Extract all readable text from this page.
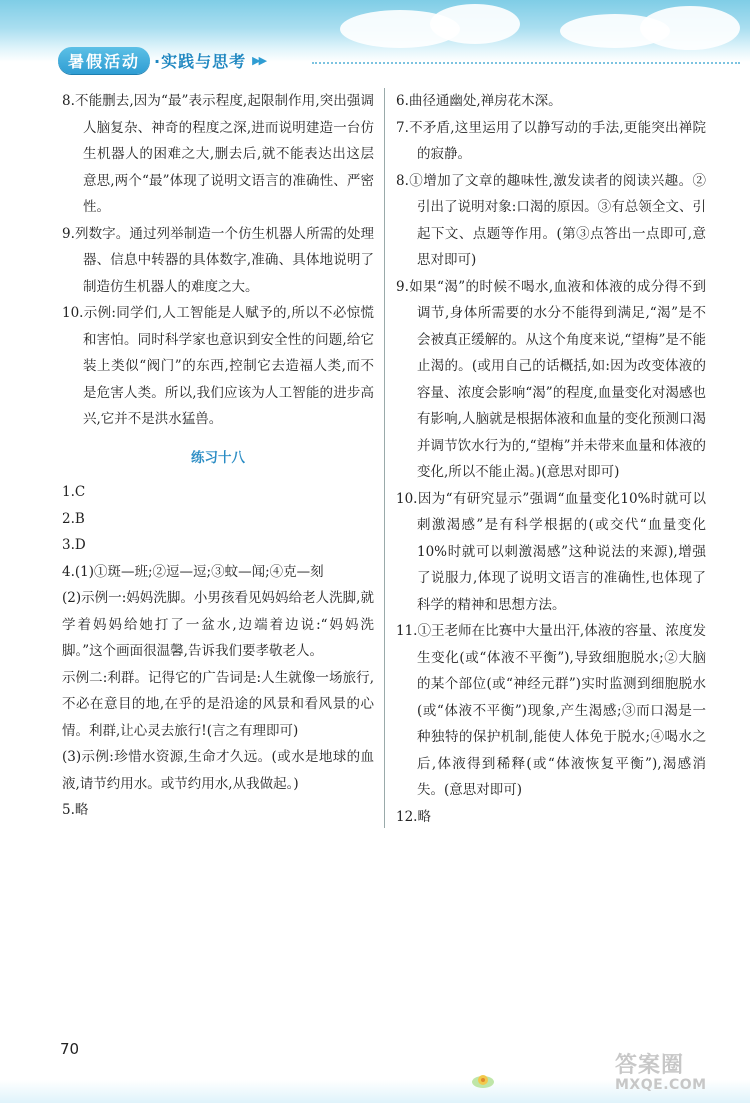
暑假活动 ·实践与思考 ▶▶

8.不能删去,因为“最”表示程度,起限制作用,突出强调人脑复杂、神奇的程度之深,进而说明建造一台仿生机器人的困难之大,删去后,就不能表达出这层意思,两个“最”体现了说明文语言的准确性、严密性。

9.列数字。通过列举制造一个仿生机器人所需的处理器、信息中转器的具体数字,准确、具体地说明了制造仿生机器人的难度之大。

10.示例:同学们,人工智能是人赋予的,所以不必惊慌和害怕。同时科学家也意识到安全性的问题,给它装上类似“阀门”的东西,控制它去造福人类,而不是危害人类。所以,我们应该为人工智能的进步高兴,它并不是洪水猛兽。

练习十八

1.C

2.B

3.D

4.(1)①斑—班;②逗—逗;③蚊—闻;④克—刻

(2)示例一:妈妈洗脚。小男孩看见妈妈给老人洗脚,就学着妈妈给她打了一盆水,边端着边说:“妈妈洗脚。”这个画面很温馨,告诉我们要孝敬老人。

示例二:利群。记得它的广告词是:人生就像一场旅行,不必在意目的地,在乎的是沿途的风景和看风景的心情。利群,让心灵去旅行!(言之有理即可)

(3)示例:珍惜水资源,生命才久远。(或水是地球的血液,请节约用水。或节约用水,从我做起。)

5.略

6.曲径通幽处,禅房花木深。

7.不矛盾,这里运用了以静写动的手法,更能突出禅院的寂静。

8.①增加了文章的趣味性,激发读者的阅读兴趣。②引出了说明对象:口渴的原因。③有总领全文、引起下文、点题等作用。(第③点答出一点即可,意思对即可)

9.如果“渴”的时候不喝水,血液和体液的成分得不到调节,身体所需要的水分不能得到满足,“渴”是不会被真正缓解的。从这个角度来说,“望梅”是不能止渴的。(或用自己的话概括,如:因为改变体液的容量、浓度会影响“渴”的程度,血量变化对渴感也有影响,人脑就是根据体液和血量的变化预测口渴并调节饮水行为的,“望梅”并未带来血量和体液的变化,所以不能止渴。)(意思对即可)

10.因为“有研究显示”强调“血量变化10%时就可以刺激渴感”是有科学根据的(或交代“血量变化10%时就可以刺激渴感”这种说法的来源),增强了说服力,体现了说明文语言的准确性,也体现了科学的精神和思想方法。

11.①王老师在比赛中大量出汗,体液的容量、浓度发生变化(或“体液不平衡”),导致细胞脱水;②大脑的某个部位(或“神经元群”)实时监测到细胞脱水(或“体液不平衡”)现象,产生渴感;③而口渴是一种独特的保护机制,能使人体免于脱水;④喝水之后,体液得到稀释(或“体液恢复平衡”),渴感消失。(意思对即可)

12.略

70
答案圈
MXQE.COM
